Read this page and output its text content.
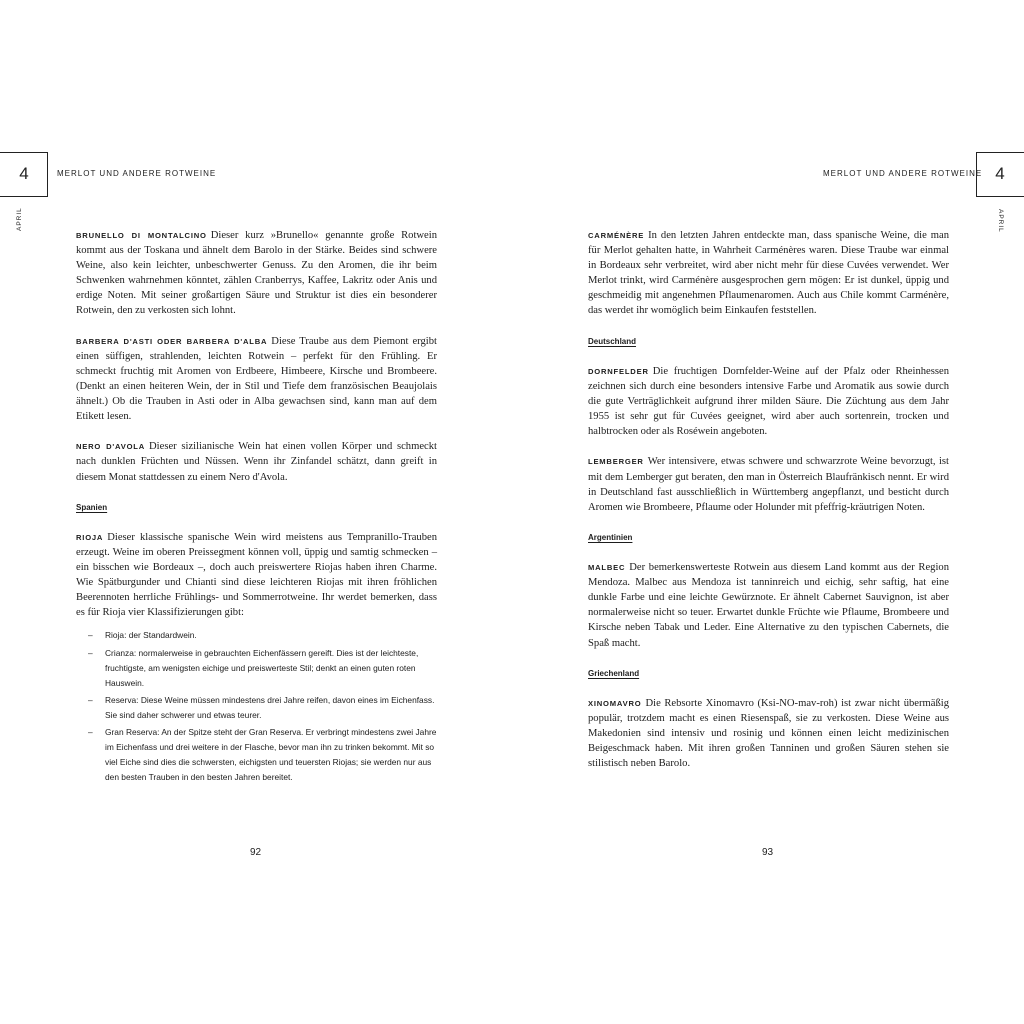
4	MERLOT UND ANDERE ROTWEINE
APRIL
4
MERLOT UND ANDERE ROTWEINE
APRIL

BRUNELLO DI MONTALCINO Dieser kurz »Brunello« genannte große Rotwein kommt aus der Toskana und ähnelt dem Barolo in der Stärke. Beides sind schwere Weine, also kein leichter, unbeschwerter Genuss. Zu den Aromen, die ihr beim Schwenken wahrnehmen könntet, zählen Cranberrys, Kaffee, Lakritz oder Anis und erdige Noten. Mit seiner großartigen Säure und Struktur ist dies ein besonderer Rotwein, den zu verkosten sich lohnt.

BARBERA D'ASTI ODER BARBERA D'ALBA Diese Traube aus dem Piemont ergibt einen süffigen, strahlenden, leichten Rotwein – perfekt für den Frühling. Er schmeckt fruchtig mit Aromen von Erdbeere, Himbeere, Kirsche und Brombeere. (Denkt an einen heiteren Wein, der in Stil und Tiefe dem französischen Beaujolais ähnelt.) Ob die Trauben in Asti oder in Alba gewachsen sind, kann man auf dem Etikett lesen.

NERO D'AVOLA Dieser sizilianische Wein hat einen vollen Körper und schmeckt nach dunklen Früchten und Nüssen. Wenn ihr Zinfandel schätzt, dann greift in diesem Monat stattdessen zu einem Nero d'Avola.

Spanien

RIOJA Dieser klassische spanische Wein wird meistens aus Tempranillo-Trauben erzeugt. Weine im oberen Preissegment können voll, üppig und samtig schmecken – ein bisschen wie Bordeaux –, doch auch preiswertere Riojas haben ihren Charme. Wie Spätburgunder und Chianti sind diese leichteren Riojas mit ihren fröhlichen Beerennoten herrliche Frühlings- und Sommerrotweine. Ihr werdet bemerken, dass es für Rioja vier Klassifizierungen gibt:

– Rioja: der Standardwein.
– Crianza: normalerweise in gebrauchten Eichenfässern gereift. Dies ist der leichteste, fruchtigste, am wenigsten eichige und preiswerteste Stil; denkt an einen guten roten Hauswein.
– Reserva: Diese Weine müssen mindestens drei Jahre reifen, davon eines im Eichenfass. Sie sind daher schwerer und etwas teurer.
– Gran Reserva: An der Spitze steht der Gran Reserva. Er verbringt mindestens zwei Jahre im Eichenfass und drei weitere in der Flasche, bevor man ihn zu trinken bekommt. Mit so viel Eiche sind dies die schwersten, eichigsten und teuersten Riojas; sie werden nur aus den besten Trauben in den besten Jahren bereitet.

CARMÉNÈRE In den letzten Jahren entdeckte man, dass spanische Weine, die man für Merlot gehalten hatte, in Wahrheit Carménères waren. Diese Traube war einmal in Bordeaux sehr verbreitet, wird aber nicht mehr für diese Cuvées verwendet. Wer Merlot trinkt, wird Carménère ausgesprochen gern mögen: Er ist dunkel, üppig und geschmeidig mit angenehmen Pflaumenaromen. Auch aus Chile kommt Carménère, das werdet ihr womöglich beim Einkaufen feststellen.

Deutschland

DORNFELDER Die fruchtigen Dornfelder-Weine auf der Pfalz oder Rheinhessen zeichnen sich durch eine besonders intensive Farbe und Aromatik aus sowie durch die gute Verträglichkeit aufgrund ihrer milden Säure. Die Züchtung aus dem Jahr 1955 ist sehr gut für Cuvées geeignet, wird aber auch sortenrein, trocken und halbtrocken oder als Roséwein angeboten.

LEMBERGER Wer intensivere, etwas schwere und schwarzrote Weine bevorzugt, ist mit dem Lemberger gut beraten, den man in Österreich Blaufränkisch nennt. Er wird in Deutschland fast ausschließlich in Württemberg angepflanzt, und besticht durch Aromen wie Brombeere, Pflaume oder Holunder mit pfeffrig-kräutrigen Noten.

Argentinien

MALBEC Der bemerkenswerteste Rotwein aus diesem Land kommt aus der Region Mendoza. Malbec aus Mendoza ist tanninreich und eichig, sehr saftig, hat eine dunkle Farbe und eine leichte Gewürznote. Er ähnelt Cabernet Sauvignon, ist aber normalerweise nicht so teuer. Erwartet dunkle Früchte wie Pflaume, Brombeere und Kirsche neben Tabak und Leder. Eine Alternative zu den typischen Cabernets, die Spaß macht.

Griechenland

XINOMAVRO Die Rebsorte Xinomavro (Ksi-NO-mav-roh) ist zwar nicht übermäßig populär, trotzdem macht es einen Riesenspaß, sie zu verkosten. Diese Weine aus Makedonien sind intensiv und rosinig und können einen leicht medizinischen Beigeschmack haben. Mit ihren großen Tanninen und großen Säuren stehen sie stilistisch neben Barolo.

92	93
